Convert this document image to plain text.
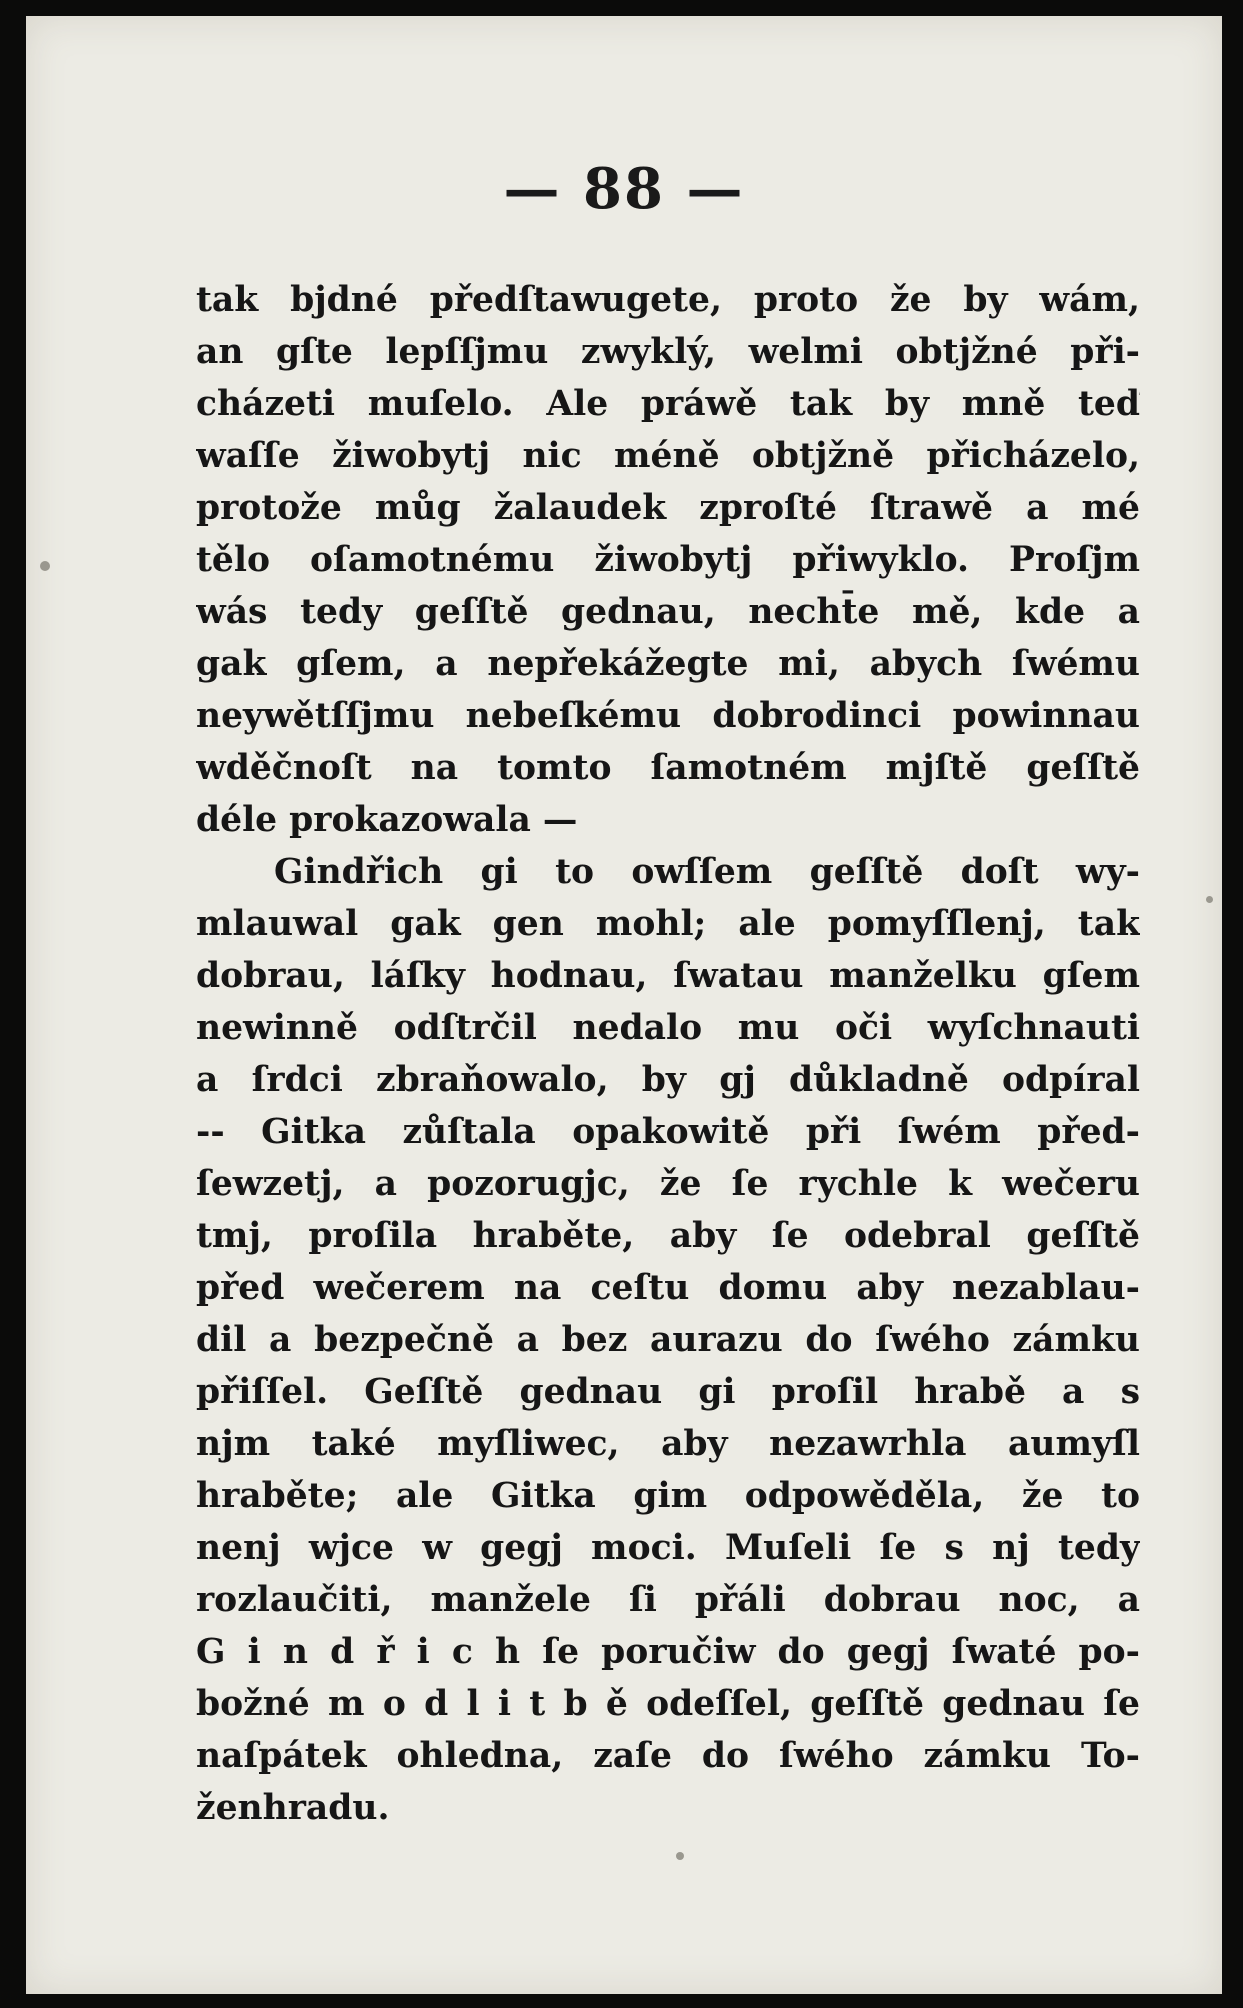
— 88 —
tak bjdné předſtawugete, proto že by wám,
an gſte lepſſjmu zwyklý, welmi obtjžné při-
cházeti muſelo. Ale práwě tak by mně teď
waſſe žiwobytj nic méně obtjžně přicházelo,
protože můg žalaudek zproſté ſtrawě a mé
tělo oſamotnému žiwobytj přiwyklo. Proſjm
wás tedy geſſtě gednau, necht̄e mě, kde a
gak gſem, a nepřekážegte mi, abych ſwému
neywětſſjmu nebeſkému dobrodinci powinnau
wděčnoſt na tomto ſamotném mjſtě geſſtě
déle prokazowala —
Gindřich gi to owſſem geſſtě doſt wy-
mlauwal gak gen mohl; ale pomyſſlenj, tak
dobrau, láſky hodnau, ſwatau manželku gſem
newinně odſtrčil nedalo mu oči wyſchnauti
a ſrdci zbraňowalo, by gj důkladně odpíral
-- Gitka zůſtala opakowitě při ſwém před-
ſewzetj, a pozorugjc, že ſe rychle k wečeru
tmj, proſila hraběte, aby ſe odebral geſſtě
před wečerem na ceſtu domu aby nezablau-
dil a bezpečně a bez aurazu do ſwého zámku
přiſſel. Geſſtě gednau gi proſil hrabě a s
njm také myſliwec, aby nezawrhla aumyſl
hraběte; ale Gitka gim odpowěděla, že to
nenj wjce w gegj moci. Muſeli ſe s nj tedy
rozlaučiti, manžele ſi přáli dobrau noc, a
G i n d ř i c h ſe poručiw do gegj ſwaté po-
božné m o d l i t b ě odeſſel, geſſtě gednau ſe
naſpátek ohledna, zaſe do ſwého zámku To-
ženhradu.
